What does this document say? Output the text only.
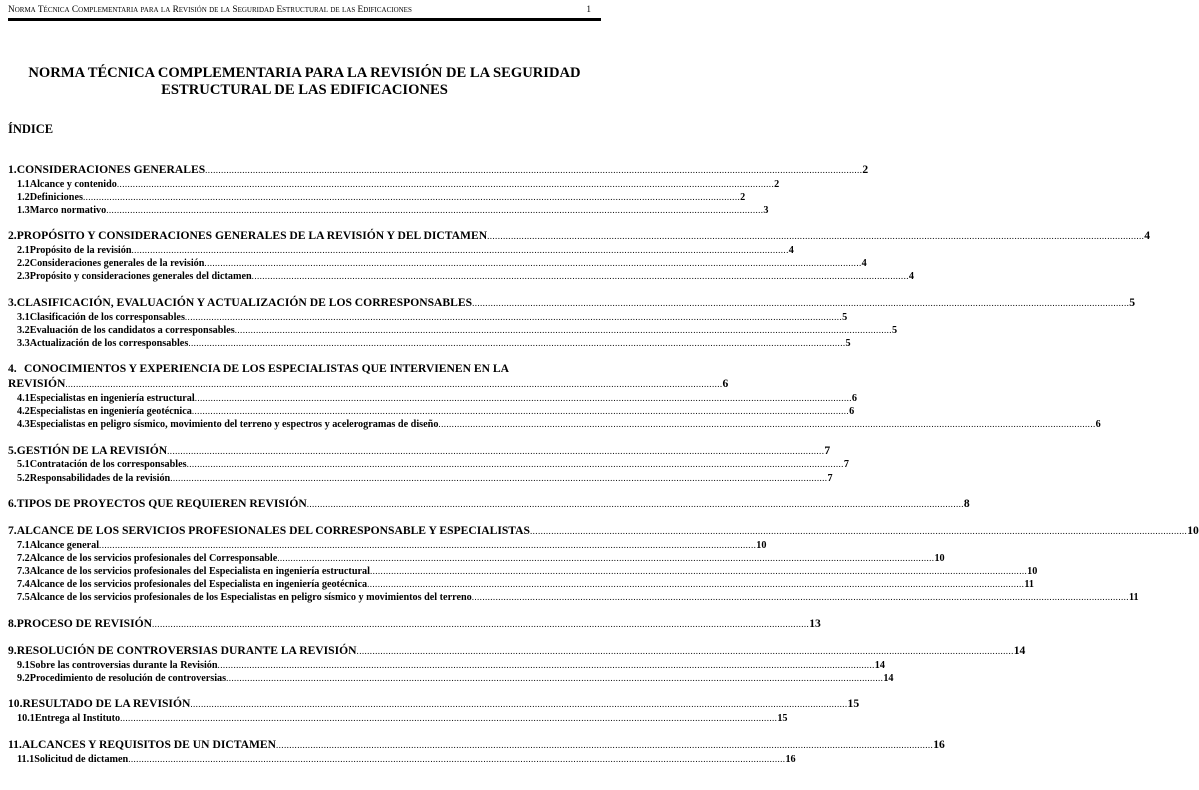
Norma Técnica Complementaria para la Revisión de la Seguridad Estructural de las Edificaciones	1
NORMA TÉCNICA COMPLEMENTARIA PARA LA REVISIÓN DE LA SEGURIDAD
ESTRUCTURAL DE LAS EDIFICACIONES
ÍNDICE
1. CONSIDERACIONES GENERALES .....	2
1.1 Alcance y contenido .....	2
1.2 Definiciones .....	2
1.3 Marco normativo .....	3
2. PROPÓSITO Y CONSIDERACIONES GENERALES DE LA REVISIÓN Y DEL DICTAMEN .....	4
2.1 Propósito de la revisión .....	4
2.2 Consideraciones generales de la revisión .....	4
2.3 Propósito y consideraciones generales del dictamen .....	4
3. CLASIFICACIÓN, EVALUACIÓN Y ACTUALIZACIÓN DE LOS CORRESPONSABLES .....	5
3.1 Clasificación de los corresponsables .....	5
3.2 Evaluación de los candidatos a corresponsables .....	5
3.3 Actualización de los corresponsables .....	5
4. CONOCIMIENTOS Y EXPERIENCIA DE LOS ESPECIALISTAS QUE INTERVIENEN EN LA
REVISIÓN .....	6
4.1 Especialistas en ingeniería estructural .....	6
4.2 Especialistas en ingeniería geotécnica .....	6
4.3 Especialistas en peligro sísmico, movimiento del terreno y espectros y acelerogramas de diseño .....	6
5. GESTIÓN DE LA REVISIÓN .....	7
5.1 Contratación de los corresponsables .....	7
5.2 Responsabilidades de la revisión .....	7
6. TIPOS DE PROYECTOS QUE REQUIEREN REVISIÓN .....	8
7. ALCANCE DE LOS SERVICIOS PROFESIONALES DEL CORRESPONSABLE Y ESPECIALISTAS .....	10
7.1 Alcance general .....	10
7.2 Alcance de los servicios profesionales del Corresponsable .....	10
7.3 Alcance de los servicios profesionales del Especialista en ingeniería estructural .....	10
7.4 Alcance de los servicios profesionales del Especialista en ingeniería geotécnica .....	11
7.5 Alcance de los servicios profesionales de los Especialistas en peligro sísmico y movimientos del terreno .....	11
8. PROCESO DE REVISIÓN .....	13
9. RESOLUCIÓN DE CONTROVERSIAS DURANTE LA REVISIÓN .....	14
9.1 Sobre las controversias durante la Revisión .....	14
9.2 Procedimiento de resolución de controversias .....	14
10. RESULTADO DE LA REVISIÓN .....	15
10.1 Entrega al Instituto .....	15
11. ALCANCES Y REQUISITOS DE UN DICTAMEN .....	16
11.1 Solicitud de dictamen .....	16
